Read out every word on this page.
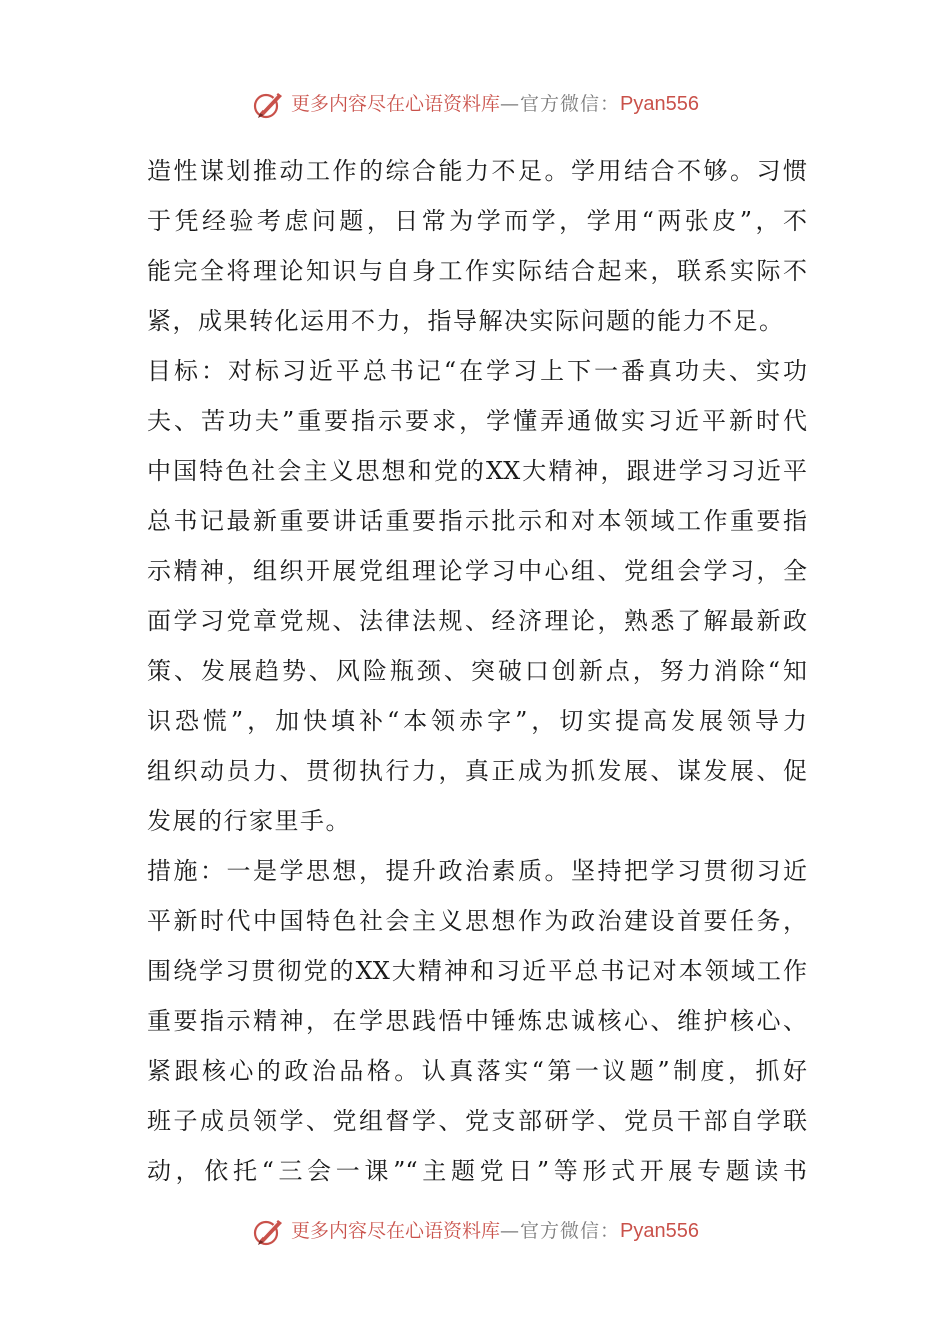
更多内容尽在心语资料库—官方微信：Pyan556
造性谋划推动工作的综合能力不足。学用结合不够。习惯
于凭经验考虑问题，日常为学而学，学用“两张皮”，不
能完全将理论知识与自身工作实际结合起来，联系实际不
紧，成果转化运用不力，指导解决实际问题的能力不足。
目标：对标习近平总书记“在学习上下一番真功夫、实功
夫、苦功夫”重要指示要求，学懂弄通做实习近平新时代
中国特色社会主义思想和党的XX大精神，跟进学习习近平
总书记最新重要讲话重要指示批示和对本领域工作重要指
示精神，组织开展党组理论学习中心组、党组会学习，全
面学习党章党规、法律法规、经济理论，熟悉了解最新政
策、发展趋势、风险瓶颈、突破口创新点，努力消除“知
识恐慌”，加快填补“本领赤字”，切实提高发展领导力
组织动员力、贯彻执行力，真正成为抓发展、谋发展、促
发展的行家里手。
措施：一是学思想，提升政治素质。坚持把学习贯彻习近
平新时代中国特色社会主义思想作为政治建设首要任务，
围绕学习贯彻党的XX大精神和习近平总书记对本领域工作
重要指示精神，在学思践悟中锤炼忠诚核心、维护核心、
紧跟核心的政治品格。认真落实“第一议题”制度，抓好
班子成员领学、党组督学、党支部研学、党员干部自学联
动，依托“三会一课”“主题党日”等形式开展专题读书
更多内容尽在心语资料库—官方微信：Pyan556
